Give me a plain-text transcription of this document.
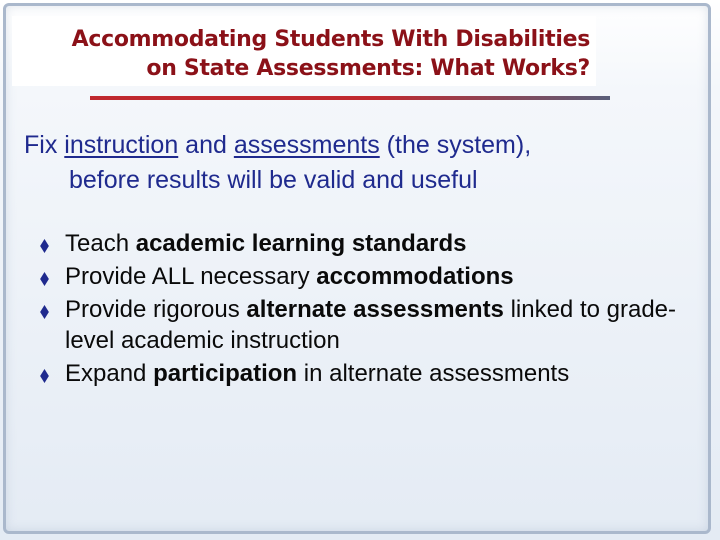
Accommodating Students With Disabilities
on State Assessments: What Works?
Fix instruction and assessments (the system),
before results will be valid and useful
Teach academic learning standards
Provide ALL necessary accommodations
Provide rigorous alternate assessments linked to grade-level academic instruction
Expand participation in alternate assessments
